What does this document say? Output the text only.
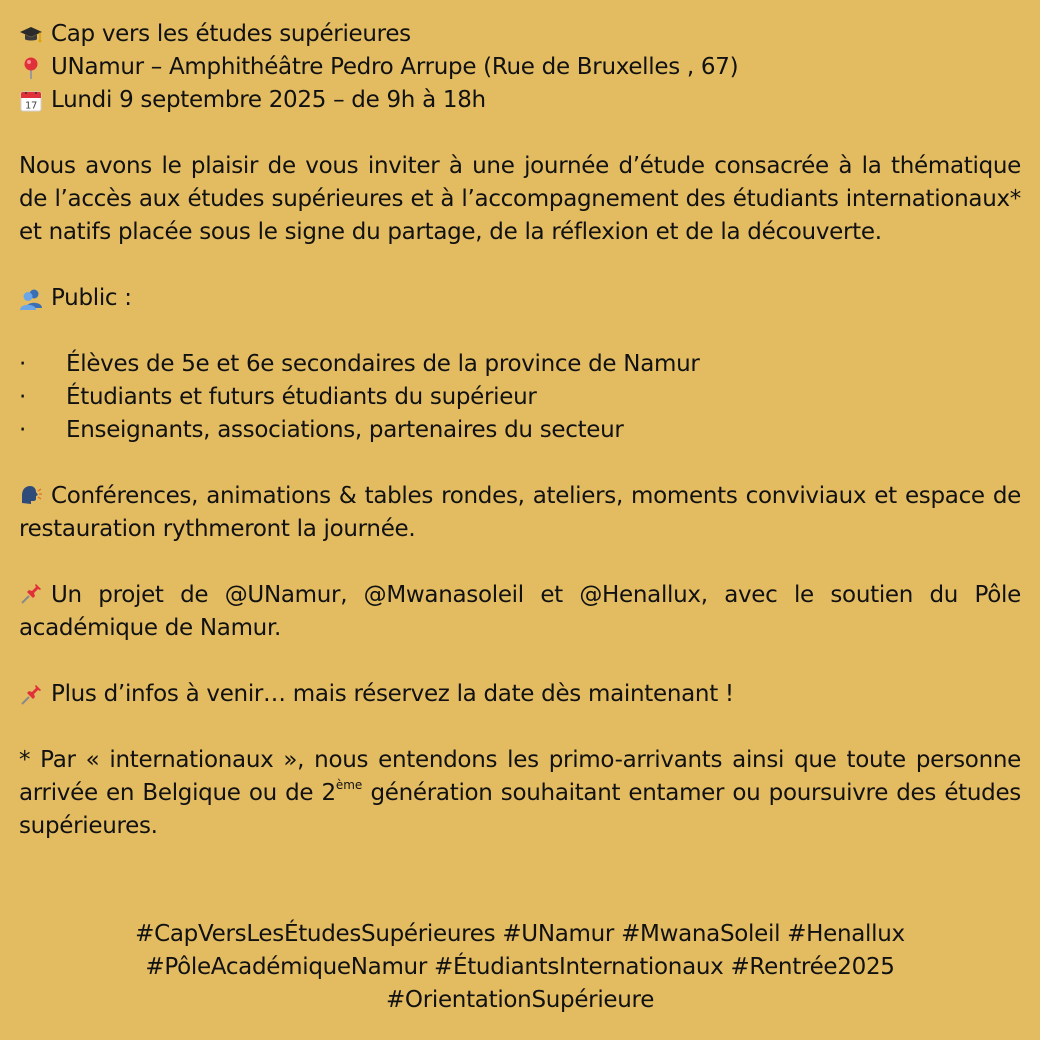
Cap vers les études supérieures
UNamur – Amphithéâtre Pedro Arrupe (Rue de Bruxelles , 67)
17 Lundi 9 septembre 2025 – de 9h à 18h
Nous avons le plaisir de vous inviter à une journée d’étude consacrée à la thématique de l’accès aux études supérieures et à l’accompagnement des étudiants internationaux* et natifs placée sous le signe du partage, de la réflexion et de la découverte.
Public :
·	Élèves de 5e et 6e secondaires de la province de Namur
·	Étudiants et futurs étudiants du supérieur
·	Enseignants, associations, partenaires du secteur
Conférences, animations & tables rondes, ateliers, moments conviviaux et espace de restauration rythmeront la journée.
Un projet de @UNamur, @Mwanasoleil et @Henallux, avec le soutien du Pôle académique de Namur.
Plus d’infos à venir… mais réservez la date dès maintenant !
* Par « internationaux », nous entendons les primo-arrivants ainsi que toute personne arrivée en Belgique ou de 2ème génération souhaitant entamer ou poursuivre des études supérieures.
#CapVersLesÉtudesSupérieures #UNamur #MwanaSoleil #Henallux
#PôleAcadémiqueNamur #ÉtudiantsInternationaux #Rentrée2025
#OrientationSupérieure
